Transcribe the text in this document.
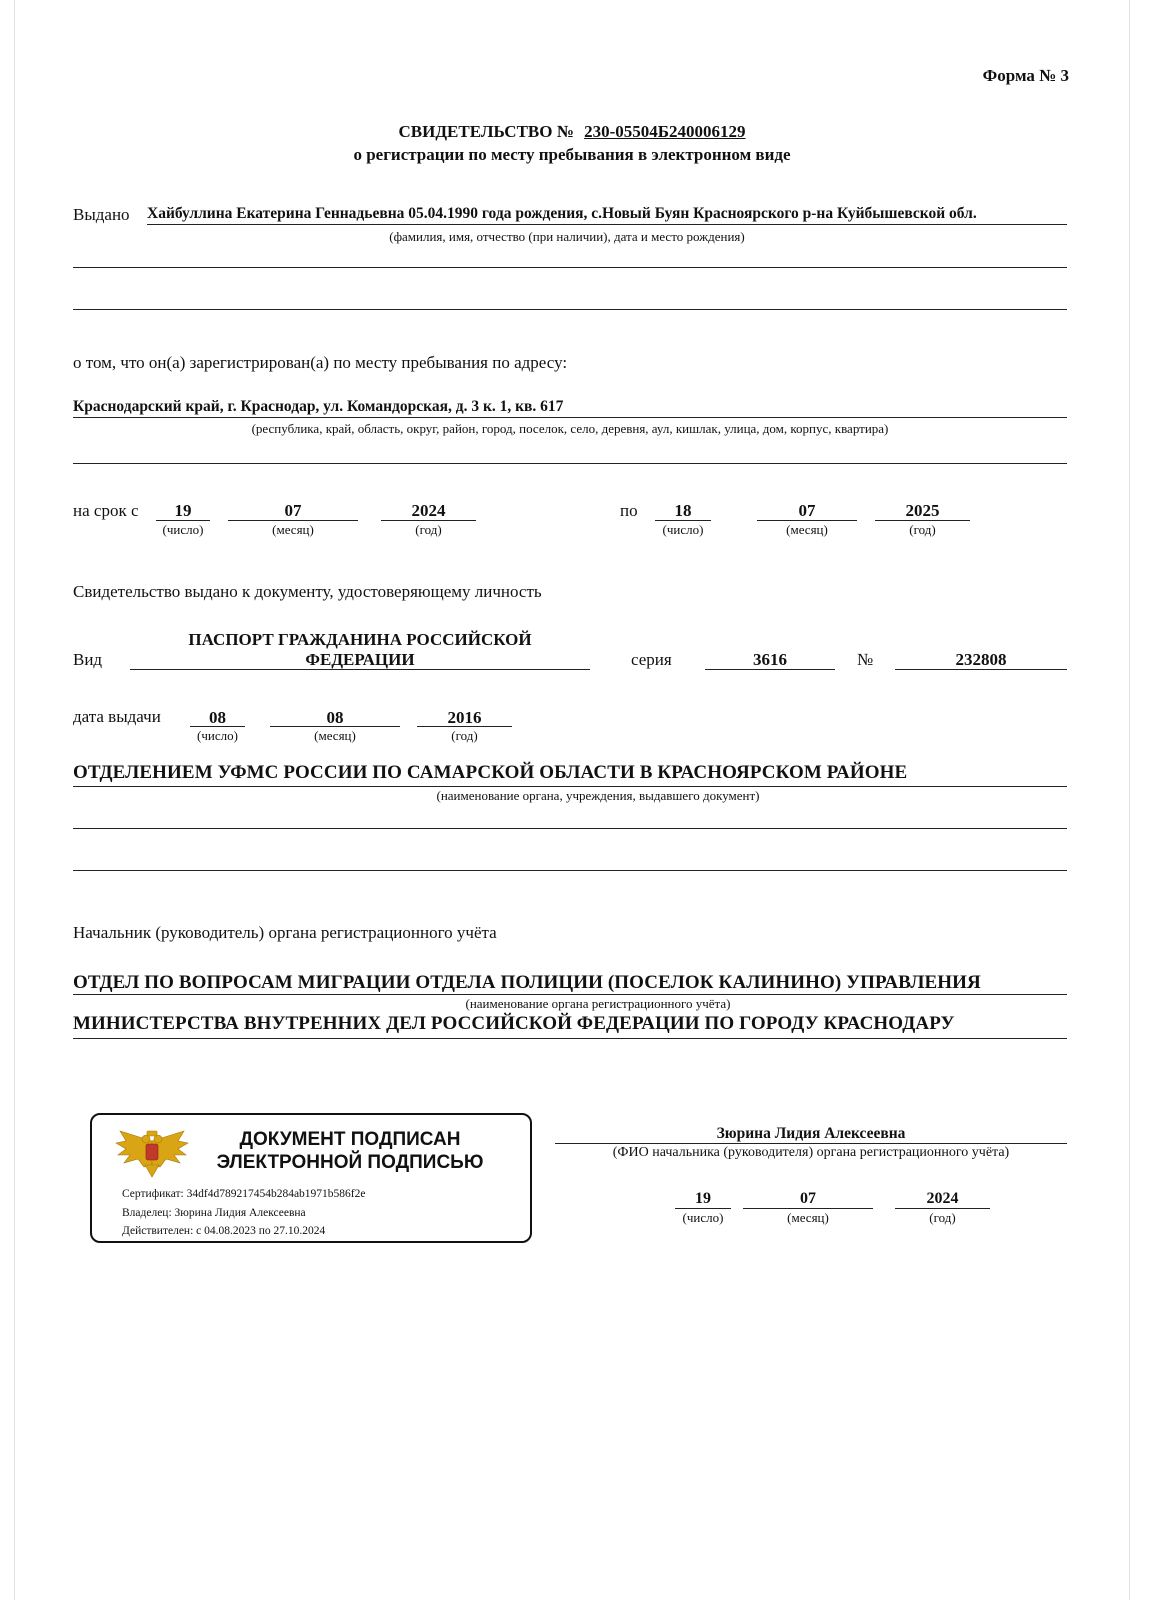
Форма № 3
СВИДЕТЕЛЬСТВО № 230-05504Б240006129
о регистрации по месту пребывания в электронном виде
Выдано Хайбуллина Екатерина Геннадьевна 05.04.1990 года рождения, с.Новый Буян Красноярского р-на Куйбышевской обл.
(фамилия, имя, отчество (при наличии), дата и место рождения)
о том, что он(а) зарегистрирован(а) по месту пребывания по адресу:
Краснодарский край, г. Краснодар, ул. Командорская, д. 3 к. 1, кв. 617
(республика, край, область, округ, район, город, поселок, село, деревня, аул, кишлак, улица, дом, корпус, квартира)
на срок с	19
(число)
07
(месяц)
2024
(год)
по	18
(число)
07
(месяц)
2025
(год)
Свидетельство выдано к документу, удостоверяющему личность
Вид
ПАСПОРТ ГРАЖДАНИНА РОССИЙСКОЙ
ФЕДЕРАЦИИ	серия	3616	№	232808
дата выдачи	08
(число)
08
(месяц)
2016
(год)
ОТДЕЛЕНИЕМ УФМС РОССИИ ПО САМАРСКОЙ ОБЛАСТИ В КРАСНОЯРСКОМ РАЙОНЕ
(наименование органа, учреждения, выдавшего документ)
Начальник (руководитель) органа регистрационного учёта
ОТДЕЛ ПО ВОПРОСАМ МИГРАЦИИ ОТДЕЛА ПОЛИЦИИ (ПОСЕЛОК КАЛИНИНО) УПРАВЛЕНИЯ
(наименование органа регистрационного учёта)
МИНИСТЕРСТВА ВНУТРЕННИХ ДЕЛ РОССИЙСКОЙ ФЕДЕРАЦИИ ПО ГОРОДУ КРАСНОДАРУ
ДОКУМЕНТ ПОДПИСАН
ЭЛЕКТРОННОЙ ПОДПИСЬЮ
Сертификат: 34df4d789217454b284ab1971b586f2e
Владелец: Зюрина Лидия Алексеевна
Действителен: с 04.08.2023 по 27.10.2024
Зюрина Лидия Алексеевна
(ФИО начальника (руководителя) органа регистрационного учёта)
19
(число)
07
(месяц)
2024
(год)
